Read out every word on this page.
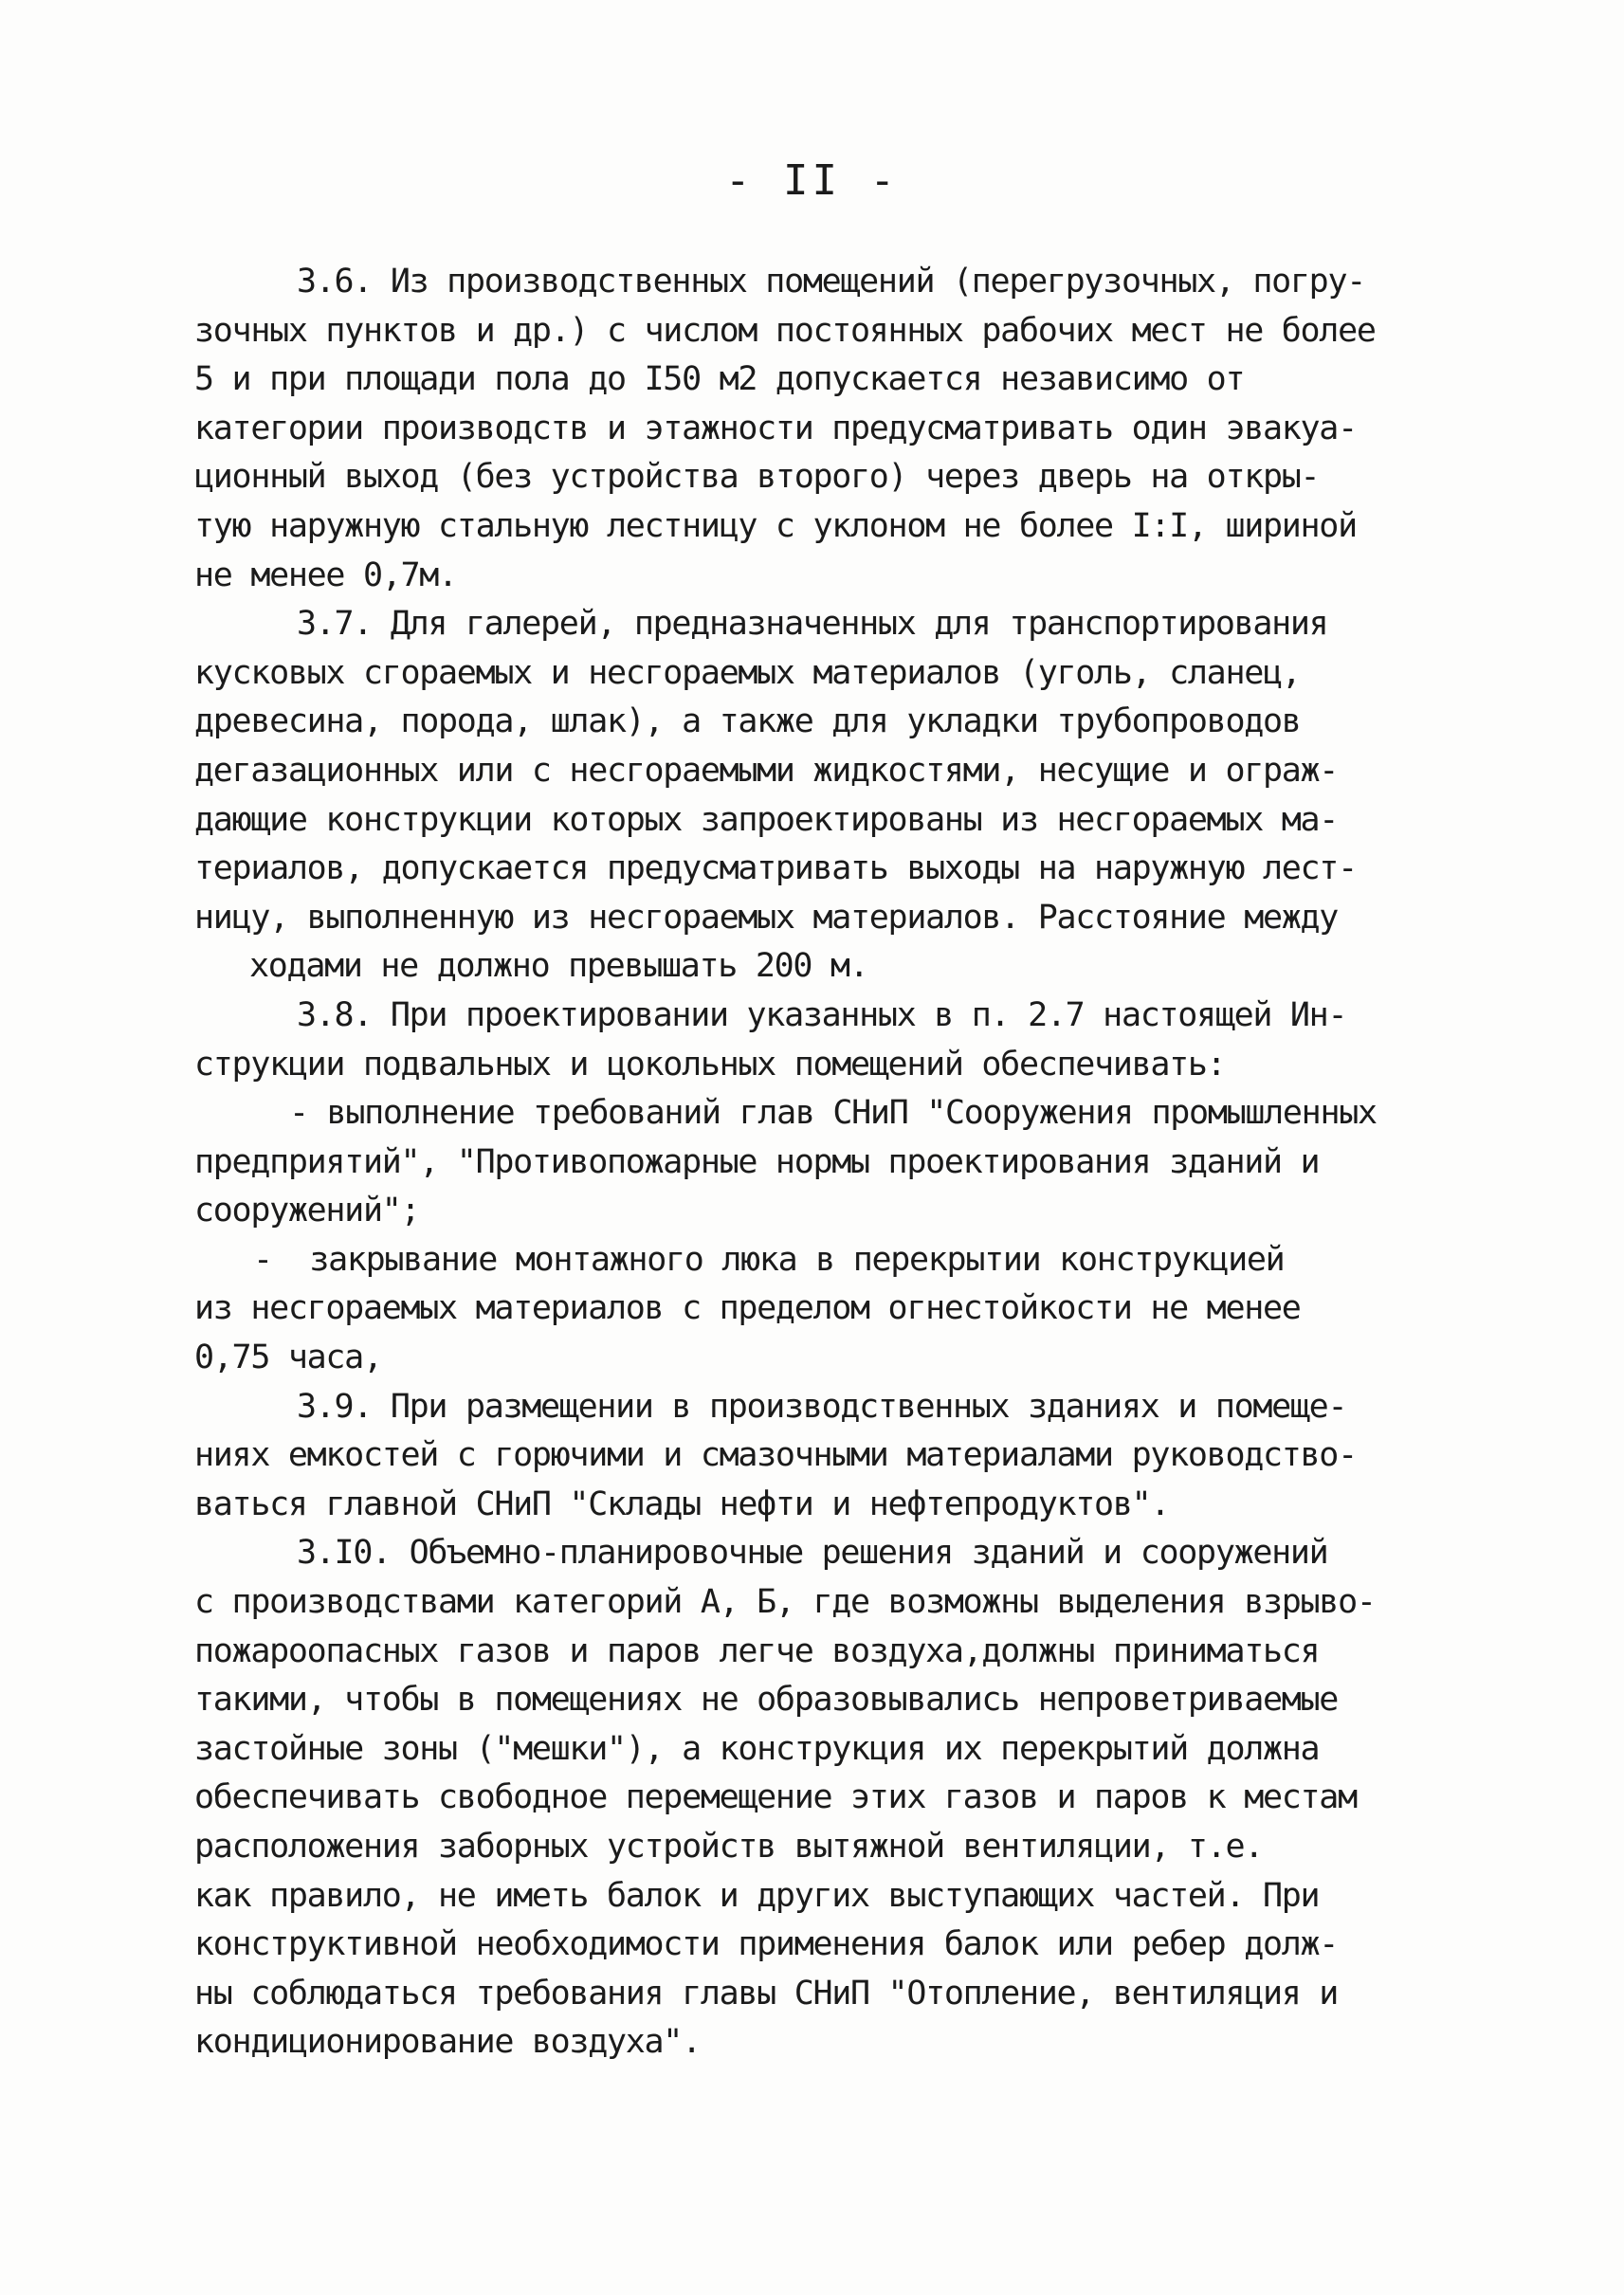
- II -
3.6. Из производственных помещений (перегрузочных, погру-
зочных пунктов и др.) с числом постоянных рабочих мест не более
5 и при площади пола до I50 м2 допускается независимо от
категории производств и этажности предусматривать один эвакуа-
ционный выход (без устройства второго) через дверь на откры-
тую наружную стальную лестницу с уклоном не более I:I, шириной
не менее 0,7м.
3.7. Для галерей, предназначенных для транспортирования
кусковых сгораемых и несгораемых материалов (уголь, сланец,
древесина, порода, шлак), а также для укладки трубопроводов
дегазационных или с несгораемыми жидкостями, несущие и ограж-
дающие конструкции которых запроектированы из несгораемых ма-
териалов, допускается предусматривать выходы на наружную лест-
ницу, выполненную из несгораемых материалов. Расстояние между
ходами не должно превышать 200 м.
3.8. При проектировании указанных в п. 2.7 настоящей Ин-
струкции подвальных и цокольных помещений обеспечивать:
- выполнение требований глав СНиП "Сооружения промышленных
предприятий", "Противопожарные нормы проектирования зданий и
сооружений";
-  закрывание монтажного люка в перекрытии конструкцией
из несгораемых материалов с пределом огнестойкости не менее
0,75 часа,
3.9. При размещении в производственных зданиях и помеще-
ниях емкостей с горючими и смазочными материалами руководство-
ваться главной СНиП "Склады нефти и нефтепродуктов".
3.I0. Объемно-планировочные решения зданий и сооружений
с производствами категорий А, Б, где возможны выделения взрыво-
пожароопасных газов и паров легче воздуха,должны приниматься
такими, чтобы в помещениях не образовывались непроветриваемые
застойные зоны ("мешки"), а конструкция их перекрытий должна
обеспечивать свободное перемещение этих газов и паров к местам
расположения заборных устройств вытяжной вентиляции, т.е.
как правило, не иметь балок и других выступающих частей. При
конструктивной необходимости применения балок или ребер долж-
ны соблюдаться требования главы СНиП "Отопление, вентиляция и
кондиционирование воздуха".
